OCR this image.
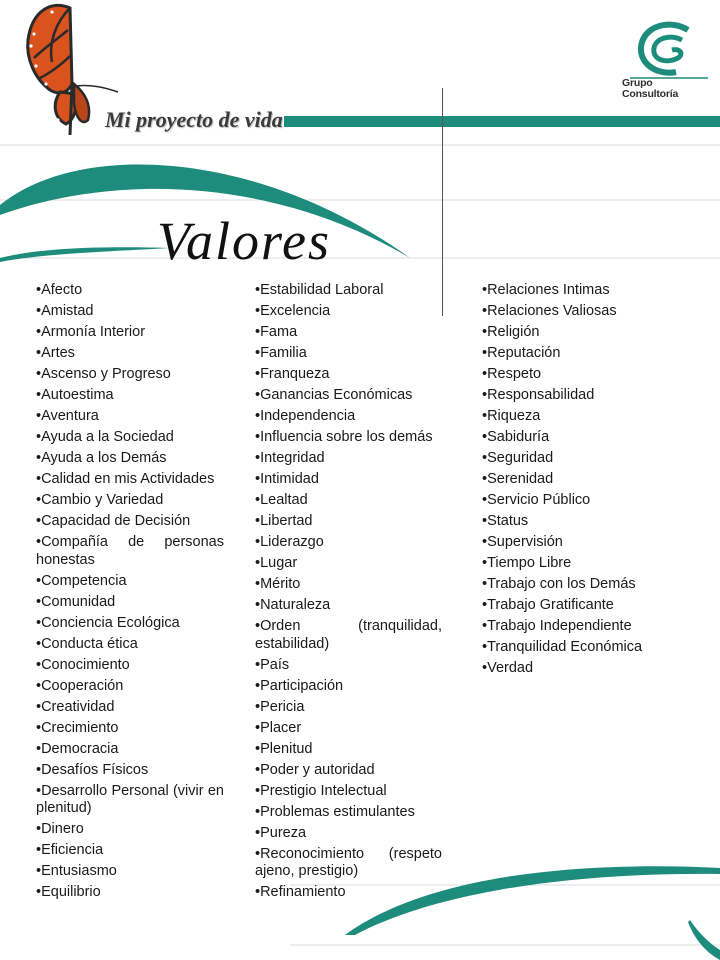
Grupo
Consultoría
Mi proyecto de vida
Valores
• Afecto
• Amistad
• Armonía Interior
• Artes
• Ascenso y Progreso
• Autoestima
• Aventura
• Ayuda a la Sociedad
• Ayuda a los Demás
• Calidad en mis Actividades
• Cambio y Variedad
• Capacidad de Decisión
• Compañía de personas honestas
• Competencia
• Comunidad
• Conciencia Ecológica
• Conducta ética
• Conocimiento
• Cooperación
• Creatividad
• Crecimiento
• Democracia
• Desafíos Físicos
• Desarrollo Personal (vivir en plenitud)
• Dinero
• Eficiencia
• Entusiasmo
• Equilibrio
• Estabilidad Laboral
• Excelencia
• Fama
• Familia
• Franqueza
• Ganancias Económicas
• Independencia
• Influencia sobre los demás
• Integridad
• Intimidad
• Lealtad
• Libertad
• Liderazgo
• Lugar
• Mérito
• Naturaleza
• Orden (tranquilidad, estabilidad)
• País
• Participación
• Pericia
• Placer
• Plenitud
• Poder y autoridad
• Prestigio Intelectual
• Problemas estimulantes
• Pureza
• Reconocimiento (respeto ajeno, prestigio)
• Refinamiento
• Relaciones Intimas
• Relaciones Valiosas
• Religión
• Reputación
• Respeto
• Responsabilidad
• Riqueza
• Sabiduría
• Seguridad
• Serenidad
• Servicio Público
• Status
• Supervisión
• Tiempo Libre
• Trabajo con los Demás
• Trabajo Gratificante
• Trabajo Independiente
• Tranquilidad Económica
• Verdad
